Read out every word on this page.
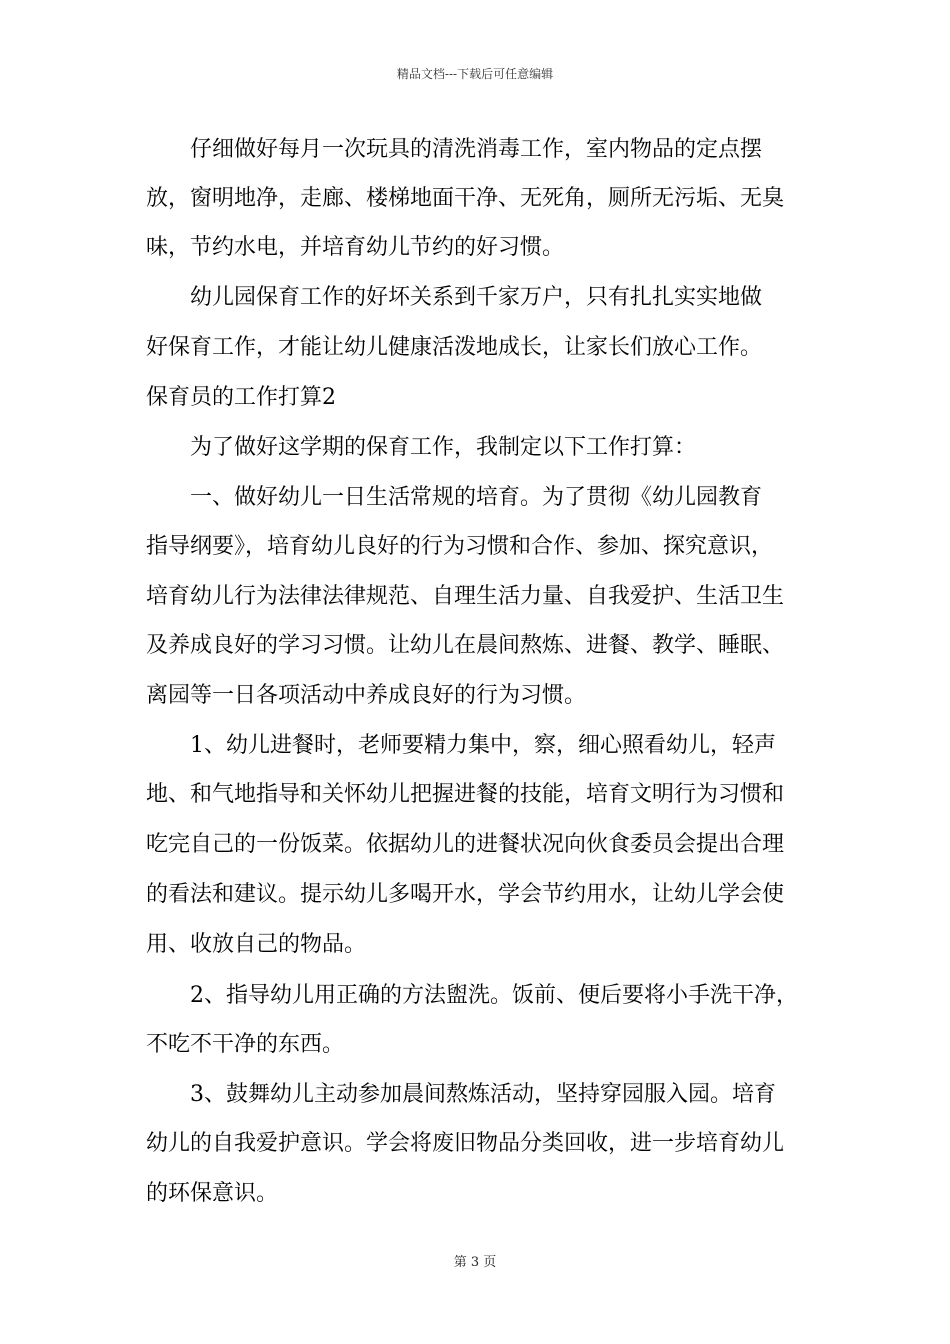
精品文档---下载后可任意编辑
　　仔细做好每月一次玩具的清洗消毒工作，室内物品的定点摆
放，窗明地净，走廊、楼梯地面干净、无死角，厕所无污垢、无臭
味，节约水电，并培育幼儿节约的好习惯。
　　幼儿园保育工作的好坏关系到千家万户，只有扎扎实实地做
好保育工作，才能让幼儿健康活泼地成长，让家长们放心工作。
保育员的工作打算2
　　为了做好这学期的保育工作，我制定以下工作打算：
　　一、做好幼儿一日生活常规的培育。为了贯彻《幼儿园教育
指导纲要》，培育幼儿良好的行为习惯和合作、参加、探究意识，
培育幼儿行为法律法律规范、自理生活力量、自我爱护、生活卫生
及养成良好的学习习惯。让幼儿在晨间熬炼、进餐、教学、睡眠、
离园等一日各项活动中养成良好的行为习惯。
　　1、幼儿进餐时，老师要精力集中，察，细心照看幼儿，轻声
地、和气地指导和关怀幼儿把握进餐的技能，培育文明行为习惯和
吃完自己的一份饭菜。依据幼儿的进餐状况向伙食委员会提出合理
的看法和建议。提示幼儿多喝开水，学会节约用水，让幼儿学会使
用、收放自己的物品。
　　2、指导幼儿用正确的方法盥洗。饭前、便后要将小手洗干净，
不吃不干净的东西。
　　3、鼓舞幼儿主动参加晨间熬炼活动，坚持穿园服入园。培育
幼儿的自我爱护意识。学会将废旧物品分类回收，进一步培育幼儿
的环保意识。
第 3 页
